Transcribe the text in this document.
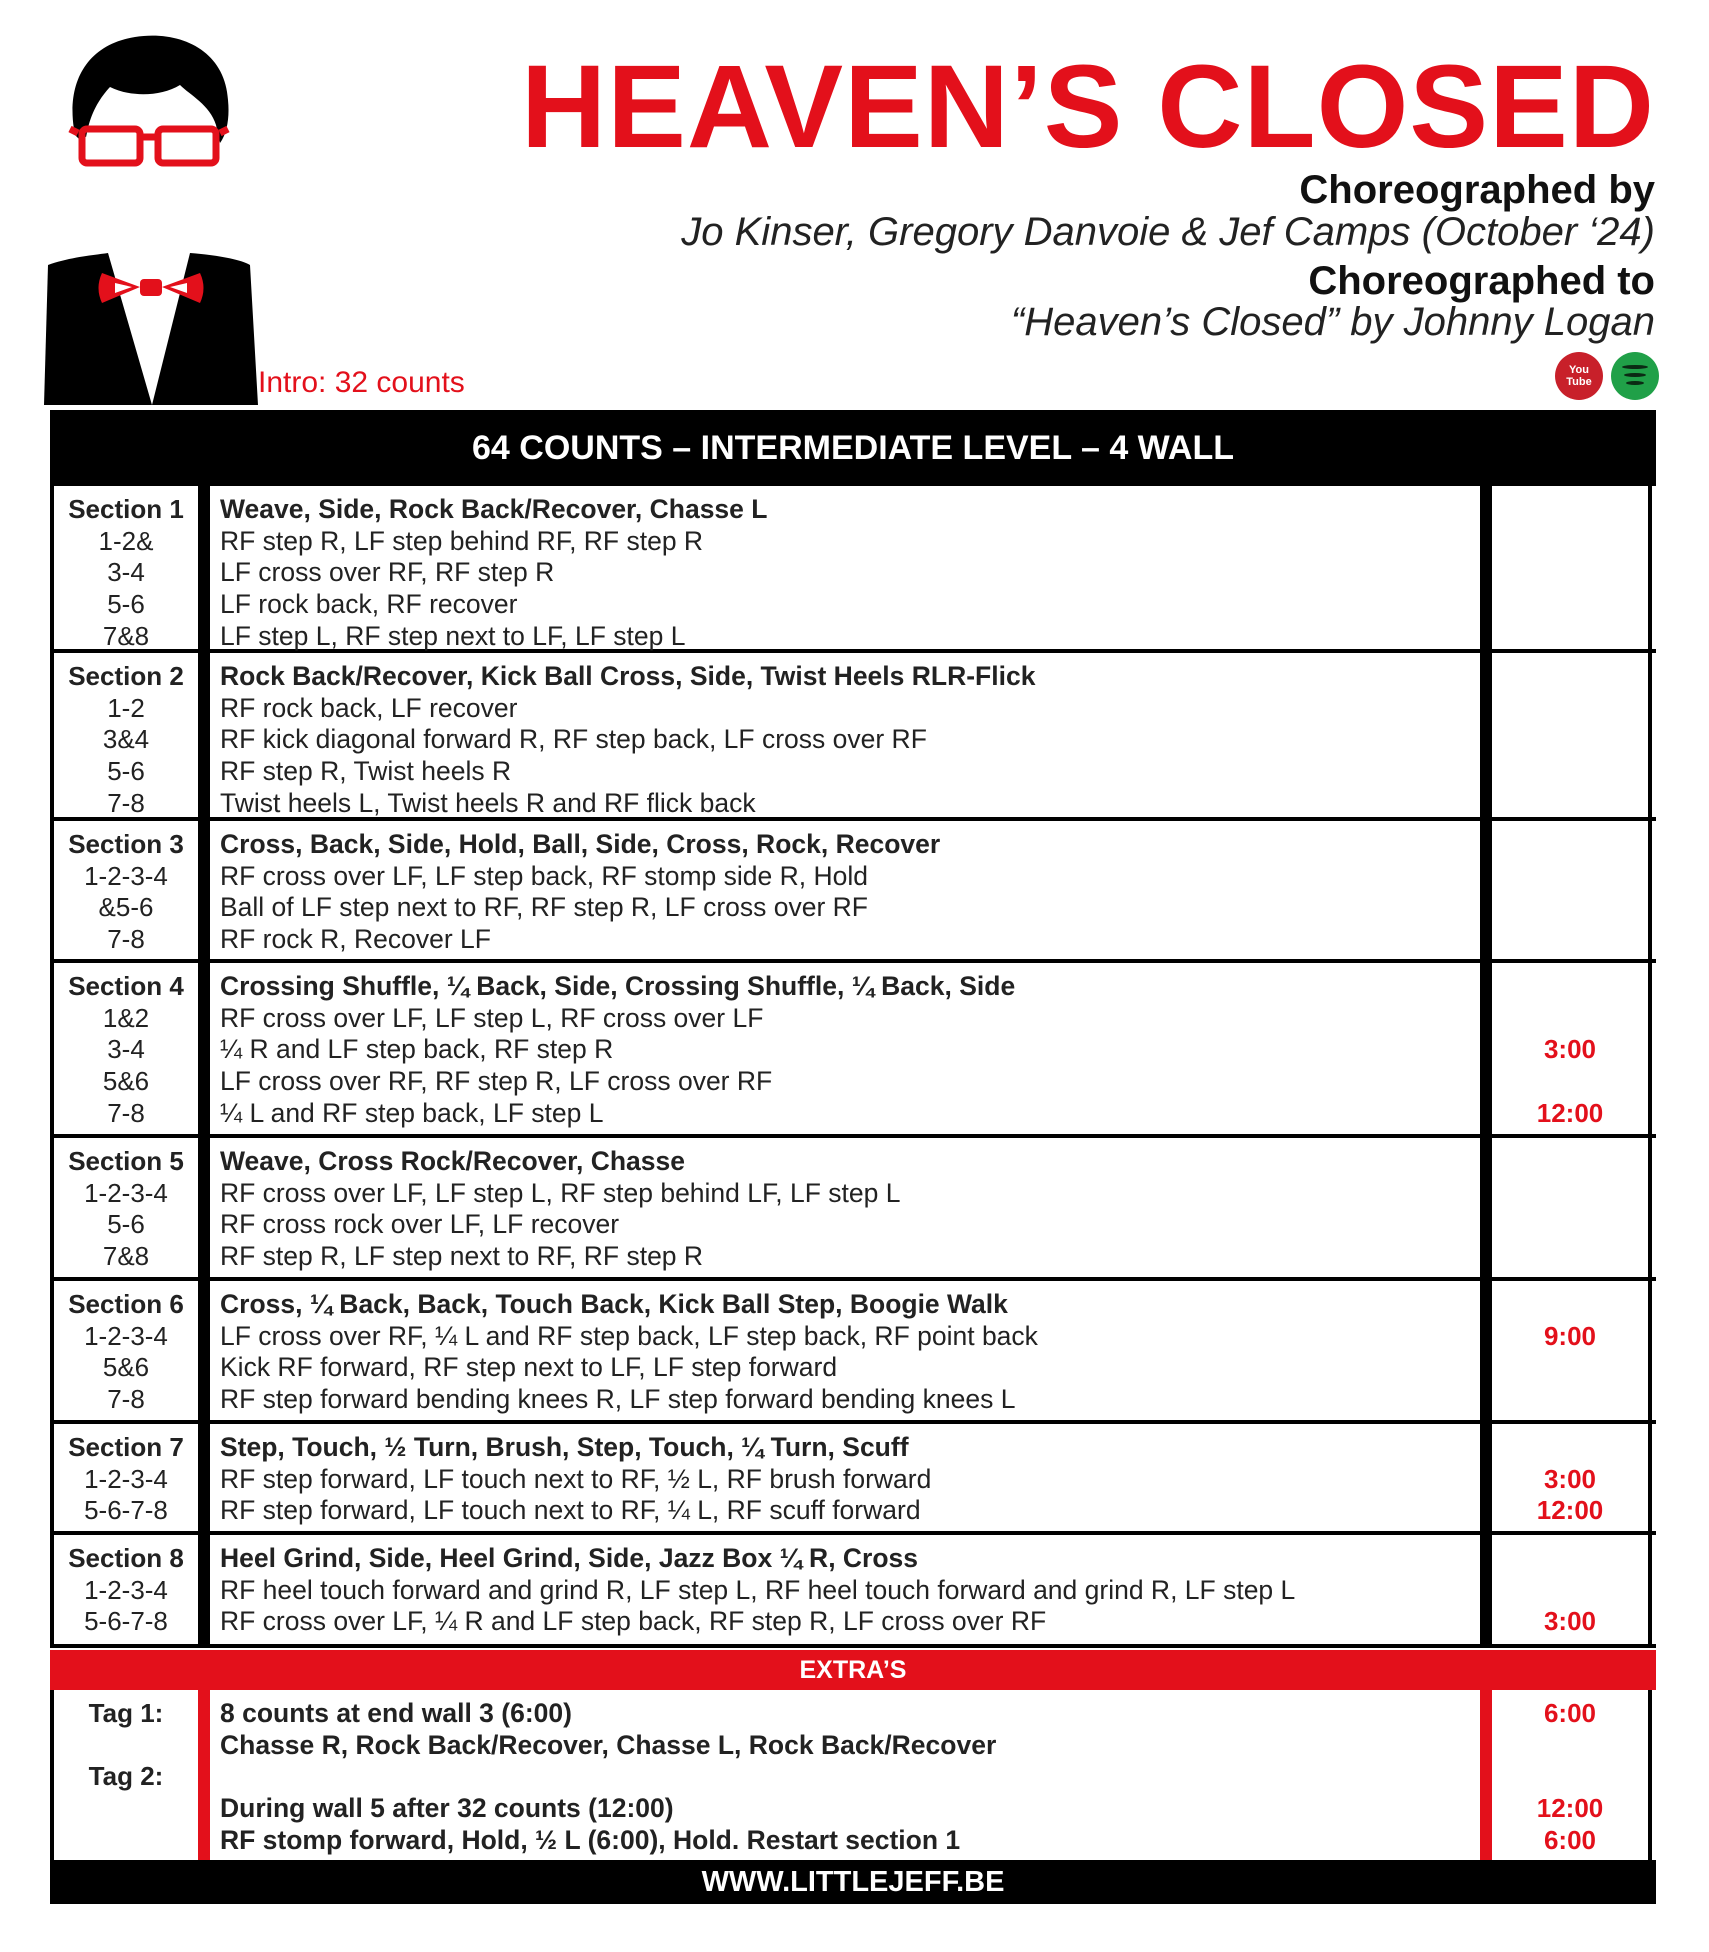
HEAVEN’S CLOSED
Choreographed by
Jo Kinser, Gregory Danvoie & Jef Camps (October ‘24)
Choreographed to
“Heaven’s Closed” by Johnny Logan
Intro: 32 counts	You
Tube
64 COUNTS – INTERMEDIATE LEVEL – 4 WALL
Section 1
1-2&
3-4
5-6
7&8
Weave, Side, Rock Back/Recover, Chasse L
RF step R, LF step behind RF, RF step R
LF cross over RF, RF step R
LF rock back, RF recover
LF step L, RF step next to LF, LF step L
Section 2
1-2
3&4
5-6
7-8
Rock Back/Recover, Kick Ball Cross, Side, Twist Heels RLR-Flick
RF rock back, LF recover
RF kick diagonal forward R, RF step back, LF cross over RF
RF step R, Twist heels R
Twist heels L, Twist heels R and RF flick back
Section 3
1-2-3-4
&5-6
7-8
Cross, Back, Side, Hold, Ball, Side, Cross, Rock, Recover
RF cross over LF, LF step back, RF stomp side R, Hold
Ball of LF step next to RF, RF step R, LF cross over RF
RF rock R, Recover LF
Section 4
1&2
3-4
5&6
7-8
Crossing Shuffle, ¼ Back, Side, Crossing Shuffle, ¼ Back, Side
RF cross over LF, LF step L, RF cross over LF
¼ R and LF step back, RF step R
LF cross over RF, RF step R, LF cross over RF
¼ L and RF step back, LF step L
3:00
12:00
Section 5
1-2-3-4
5-6
7&8
Weave, Cross Rock/Recover, Chasse
RF cross over LF, LF step L, RF step behind LF, LF step L
RF cross rock over LF, LF recover
RF step R, LF step next to RF, RF step R
Section 6
1-2-3-4
5&6
7-8
Cross, ¼ Back, Back, Touch Back, Kick Ball Step, Boogie Walk
LF cross over RF, ¼ L and RF step back, LF step back, RF point back
Kick RF forward, RF step next to LF, LF step forward
RF step forward bending knees R, LF step forward bending knees L
9:00
Section 7
1-2-3-4
5-6-7-8
Step, Touch, ½ Turn, Brush, Step, Touch, ¼ Turn, Scuff
RF step forward, LF touch next to RF, ½ L, RF brush forward
RF step forward, LF touch next to RF, ¼ L, RF scuff forward
3:00
12:00
Section 8
1-2-3-4
5-6-7-8
Heel Grind, Side, Heel Grind, Side, Jazz Box ¼ R, Cross
RF heel touch forward and grind R, LF step L, RF heel touch forward and grind R, LF step L
RF cross over LF, ¼ R and LF step back, RF step R, LF cross over RF	3:00
EXTRA’S
Tag 1:
Tag 2:
8 counts at end wall 3 (6:00)
Chasse R, Rock Back/Recover, Chasse L, Rock Back/Recover
During wall 5 after 32 counts (12:00)
RF stomp forward, Hold, ½ L (6:00), Hold. Restart section 1
6:00
12:00
6:00
WWW.LITTLEJEFF.BE
